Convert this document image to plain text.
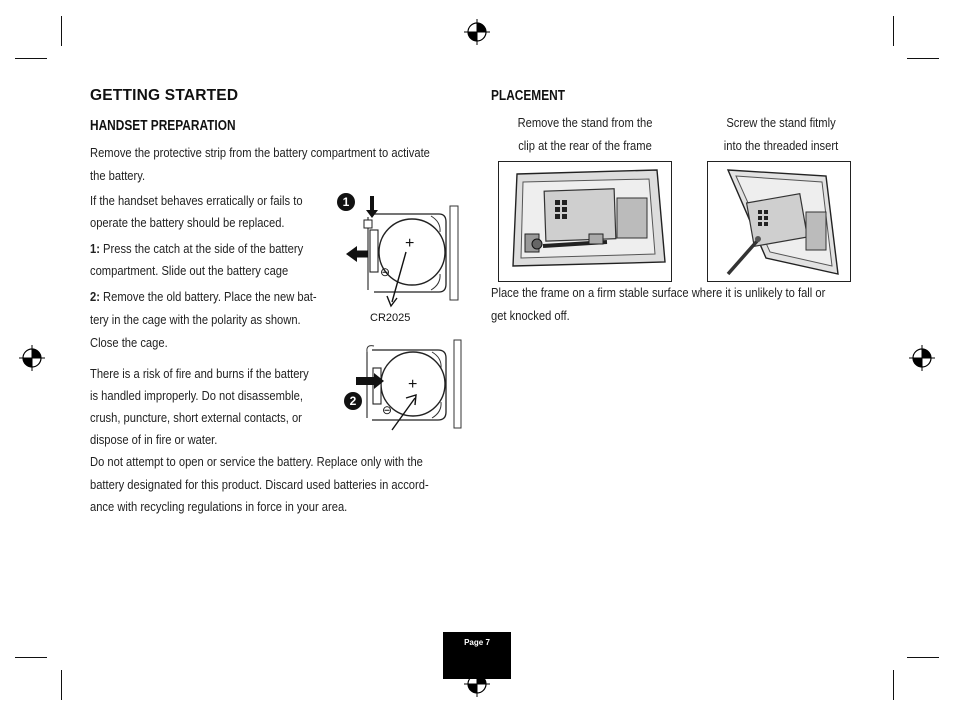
GETTING STARTED
HANDSET PREPARATION
Remove the protective strip from the battery compartment to activate
the battery.
If the handset behaves erratically or fails to
operate the battery should be replaced.
1: Press the catch at the side of the battery
compartment. Slide out the battery cage
2: Remove the old battery. Place the new bat-
tery in the cage with the polarity as shown.
Close the cage.
There is a risk of fire and burns if the battery
is handled improperly. Do not disassemble,
crush, puncture, short external contacts, or
dispose of in fire or water.
Do not attempt to open or service the battery. Replace only with the
battery designated for this product. Discard used batteries in accord-
ance with recycling regulations in force in your area.
1
+
⊖
CR2025
2
+
⊖
PLACEMENT
Remove the stand from the
clip at the rear of the frame
Screw the stand fitmly
into the threaded insert
Place the frame on a firm stable surface where it is unlikely to fall or
get knocked off.
Page 7
